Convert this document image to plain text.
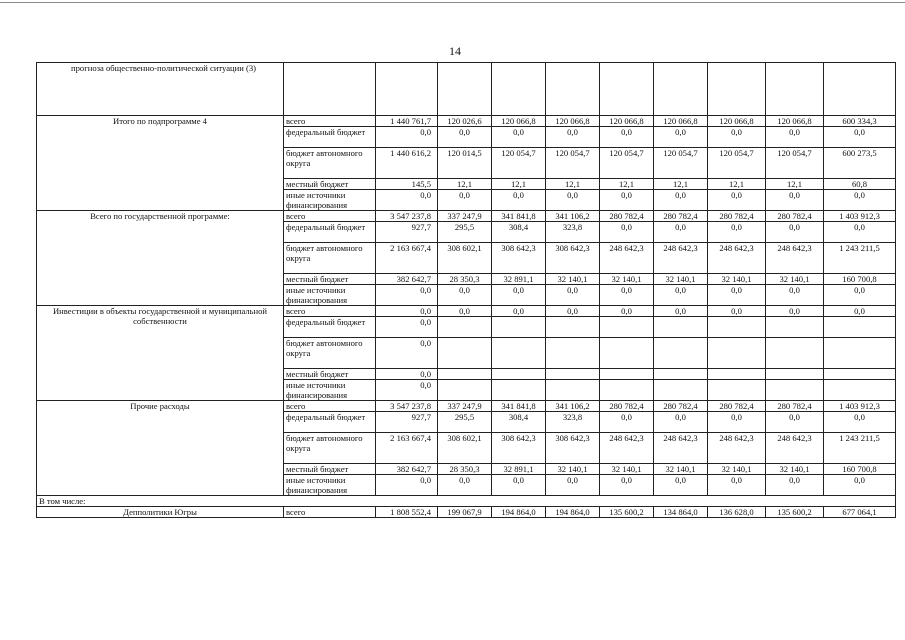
14
прогноза общественно-политической ситуации (3)										
Итого по подпрограмме 4	всего	1 440 761,7	120 026,6	120 066,8	120 066,8	120 066,8	120 066,8	120 066,8	120 066,8	600 334,3
	федеральный бюджет	0,0	0,0	0,0	0,0	0,0	0,0	0,0	0,0	0,0
	бюджет автономного округа	1 440 616,2	120 014,5	120 054,7	120 054,7	120 054,7	120 054,7	120 054,7	120 054,7	600 273,5
	местный бюджет	145,5	12,1	12,1	12,1	12,1	12,1	12,1	12,1	60,8
	иные источники финансирования	0,0	0,0	0,0	0,0	0,0	0,0	0,0	0,0	0,0
Всего по государственной программе:	всего	3 547 237,8	337 247,9	341 841,8	341 106,2	280 782,4	280 782,4	280 782,4	280 782,4	1 403 912,3
	федеральный бюджет	927,7	295,5	308,4	323,8	0,0	0,0	0,0	0,0	0,0
	бюджет автономного округа	2 163 667,4	308 602,1	308 642,3	308 642,3	248 642,3	248 642,3	248 642,3	248 642,3	1 243 211,5
	местный бюджет	382 642,7	28 350,3	32 891,1	32 140,1	32 140,1	32 140,1	32 140,1	32 140,1	160 700,8
	иные источники финансирования	0,0	0,0	0,0	0,0	0,0	0,0	0,0	0,0	0,0
Инвестиции в объекты государственной и муниципальной собственности	всего	0,0	0,0	0,0	0,0	0,0	0,0	0,0	0,0	0,0
	федеральный бюджет	0,0								
	бюджет автономного округа	0,0								
	местный бюджет	0,0								
	иные источники финансирования	0,0								
Прочие расходы	всего	3 547 237,8	337 247,9	341 841,8	341 106,2	280 782,4	280 782,4	280 782,4	280 782,4	1 403 912,3
	федеральный бюджет	927,7	295,5	308,4	323,8	0,0	0,0	0,0	0,0	0,0
	бюджет автономного округа	2 163 667,4	308 602,1	308 642,3	308 642,3	248 642,3	248 642,3	248 642,3	248 642,3	1 243 211,5
	местный бюджет	382 642,7	28 350,3	32 891,1	32 140,1	32 140,1	32 140,1	32 140,1	32 140,1	160 700,8
	иные источники финансирования	0,0	0,0	0,0	0,0	0,0	0,0	0,0	0,0	0,0
В том числе:										
Депполитики Югры	всего	1 808 552,4	199 067,9	194 864,0	194 864,0	135 600,2	134 864,0	136 628,0	135 600,2	677 064,1
